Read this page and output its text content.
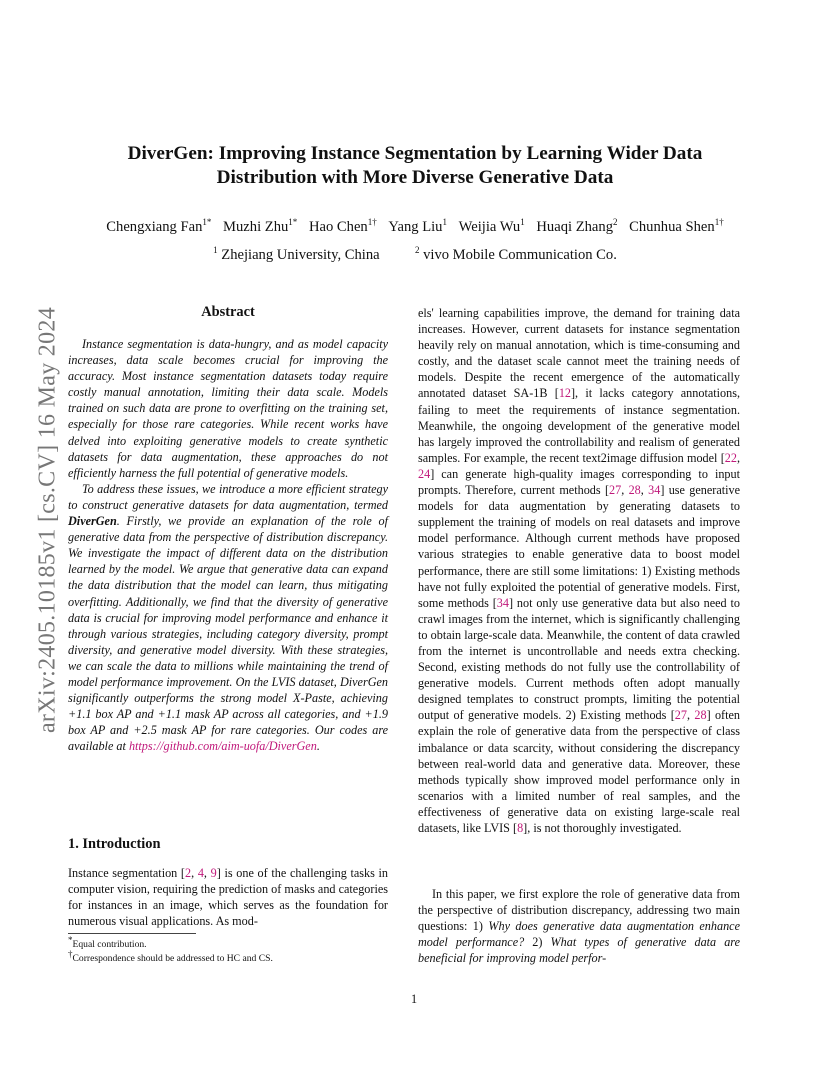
arXiv:2405.10185v1 [cs.CV] 16 May 2024
DiverGen: Improving Instance Segmentation by Learning Wider Data
Distribution with More Diverse Generative Data
Chengxiang Fan$^{1*}$ Muzhi Zhu$^{1*}$ Hao Chen$^{1\dagger}$ Yang Liu$^1$ Weijia Wu$^1$ Huaqi Zhang$^2$ Chunhua Shen$^{1\dagger}$
$^1$ Zhejiang University, China	$^2$ vivo Mobile Communication Co.
Abstract

Instance segmentation is data-hungry, and as model capacity increases, data scale becomes crucial for improving the accuracy. Most instance segmentation datasets today require costly manual annotation, limiting their data scale. Models trained on such data are prone to overfitting on the training set, especially for those rare categories. While recent works have delved into exploiting generative models to create synthetic datasets for data augmentation, these approaches do not efficiently harness the full potential of generative models.

To address these issues, we introduce a more efficient strategy to construct generative datasets for data augmentation, termed DiverGen. Firstly, we provide an explanation of the role of generative data from the perspective of distribution discrepancy. We investigate the impact of different data on the distribution learned by the model. We argue that generative data can expand the data distribution that the model can learn, thus mitigating overfitting. Additionally, we find that the diversity of generative data is crucial for improving model performance and enhance it through various strategies, including category diversity, prompt diversity, and generative model diversity. With these strategies, we can scale the data to millions while maintaining the trend of model performance improvement. On the LVIS dataset, DiverGen significantly outperforms the strong model X-Paste, achieving +1.1 box AP and +1.1 mask AP across all categories, and +1.9 box AP and +2.5 mask AP for rare categories. Our codes are available at https://github.com/aim-uofa/DiverGen.

1. Introduction

Instance segmentation [2, 4, 9] is one of the challenging tasks in computer vision, requiring the prediction of masks and categories for instances in an image, which serves as the foundation for numerous visual applications. As mod-

els' learning capabilities improve, the demand for training data increases. However, current datasets for instance segmentation heavily rely on manual annotation, which is time-consuming and costly, and the dataset scale cannot meet the training needs of models. Despite the recent emergence of the automatically annotated dataset SA-1B [12], it lacks category annotations, failing to meet the requirements of instance segmentation. Meanwhile, the ongoing development of the generative model has largely improved the controllability and realism of generated samples. For example, the recent text2image diffusion model [22, 24] can generate high-quality images corresponding to input prompts. Therefore, current methods [27, 28, 34] use generative models for data augmentation by generating datasets to supplement the training of models on real datasets and improve model performance. Although current methods have proposed various strategies to enable generative data to boost model performance, there are still some limitations: 1) Existing methods have not fully exploited the potential of generative models. First, some methods [34] not only use generative data but also need to crawl images from the internet, which is significantly challenging to obtain large-scale data. Meanwhile, the content of data crawled from the internet is uncontrollable and needs extra checking. Second, existing methods do not fully use the controllability of generative models. Current methods often adopt manually designed templates to construct prompts, limiting the potential output of generative models. 2) Existing methods [27, 28] often explain the role of generative data from the perspective of class imbalance or data scarcity, without considering the discrepancy between real-world data and generative data. Moreover, these methods typically show improved model performance only in scenarios with a limited number of real samples, and the effectiveness of generative data on existing large-scale real datasets, like LVIS [8], is not thoroughly investigated.

In this paper, we first explore the role of generative data from the perspective of distribution discrepancy, addressing two main questions: 1) Why does generative data augmentation enhance model performance? 2) What types of generative data are beneficial for improving model perfor-

*Equal contribution.
†Correspondence should be addressed to HC and CS.
1
